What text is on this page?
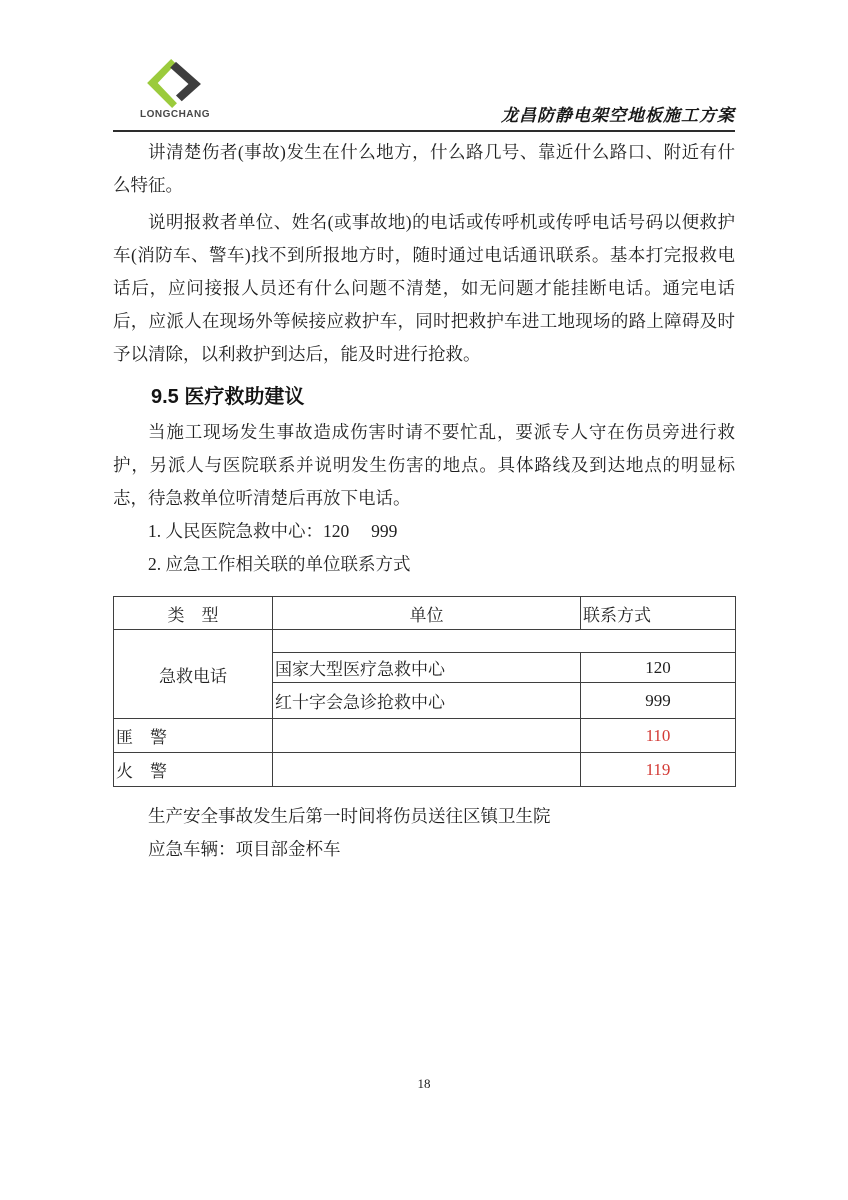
LONGCHANG	龙昌防静电架空地板施工方案

讲清楚伤者(事故)发生在什么地方，什么路几号、靠近什么路口、附近有什么特征。

说明报救者单位、姓名(或事故地)的电话或传呼机或传呼电话号码以便救护车(消防车、警车)找不到所报地方时，随时通过电话通讯联系。基本打完报救电话后，应问接报人员还有什么问题不清楚，如无问题才能挂断电话。通完电话后，应派人在现场外等候接应救护车，同时把救护车进工地现场的路上障碍及时予以清除，以利救护到达后，能及时进行抢救。

9.5 医疗救助建议

当施工现场发生事故造成伤害时请不要忙乱，要派专人守在伤员旁进行救护，另派人与医院联系并说明发生伤害的地点。具体路线及到达地点的明显标志，待急救单位听清楚后再放下电话。

1. 人民医院急救中心：120　 999
2. 应急工作相关联的单位联系方式
类　型	单位	联系方式
急救电话		
	国家大型医疗急救中心	120
	红十字会急诊抢救中心	999
匪　警		110
火　警		119
生产安全事故发生后第一时间将伤员送往区镇卫生院
应急车辆：项目部金杯车
18
